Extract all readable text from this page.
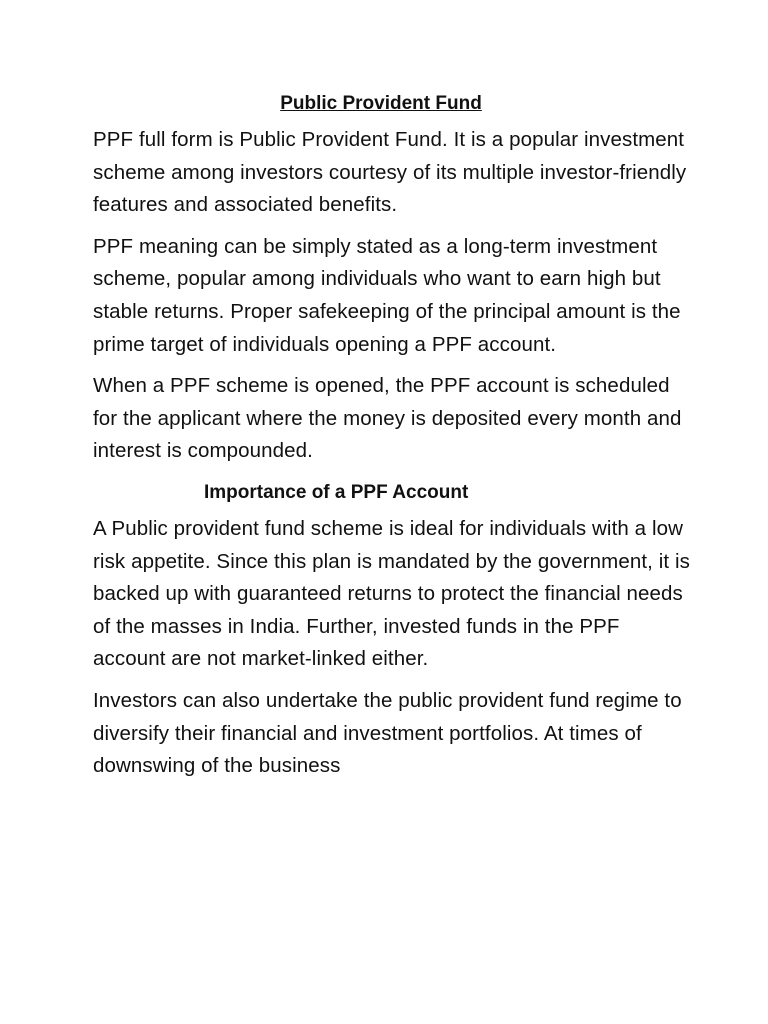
Public Provident Fund

PPF full form is Public Provident Fund. It is a popular investment scheme among investors courtesy of its multiple investor-friendly features and associated benefits.

PPF meaning can be simply stated as a long-term investment scheme, popular among individuals who want to earn high but stable returns. Proper safekeeping of the principal amount is the prime target of individuals opening a PPF account.

When a PPF scheme is opened, the PPF account is scheduled for the applicant where the money is deposited every month and interest is compounded.

Importance of a PPF Account

A Public provident fund scheme is ideal for individuals with a low risk appetite. Since this plan is mandated by the government, it is backed up with guaranteed returns to protect the financial needs of the masses in India. Further, invested funds in the PPF account are not market-linked either.

Investors can also undertake the public provident fund regime to diversify their financial and investment portfolios. At times of downswing of the business
